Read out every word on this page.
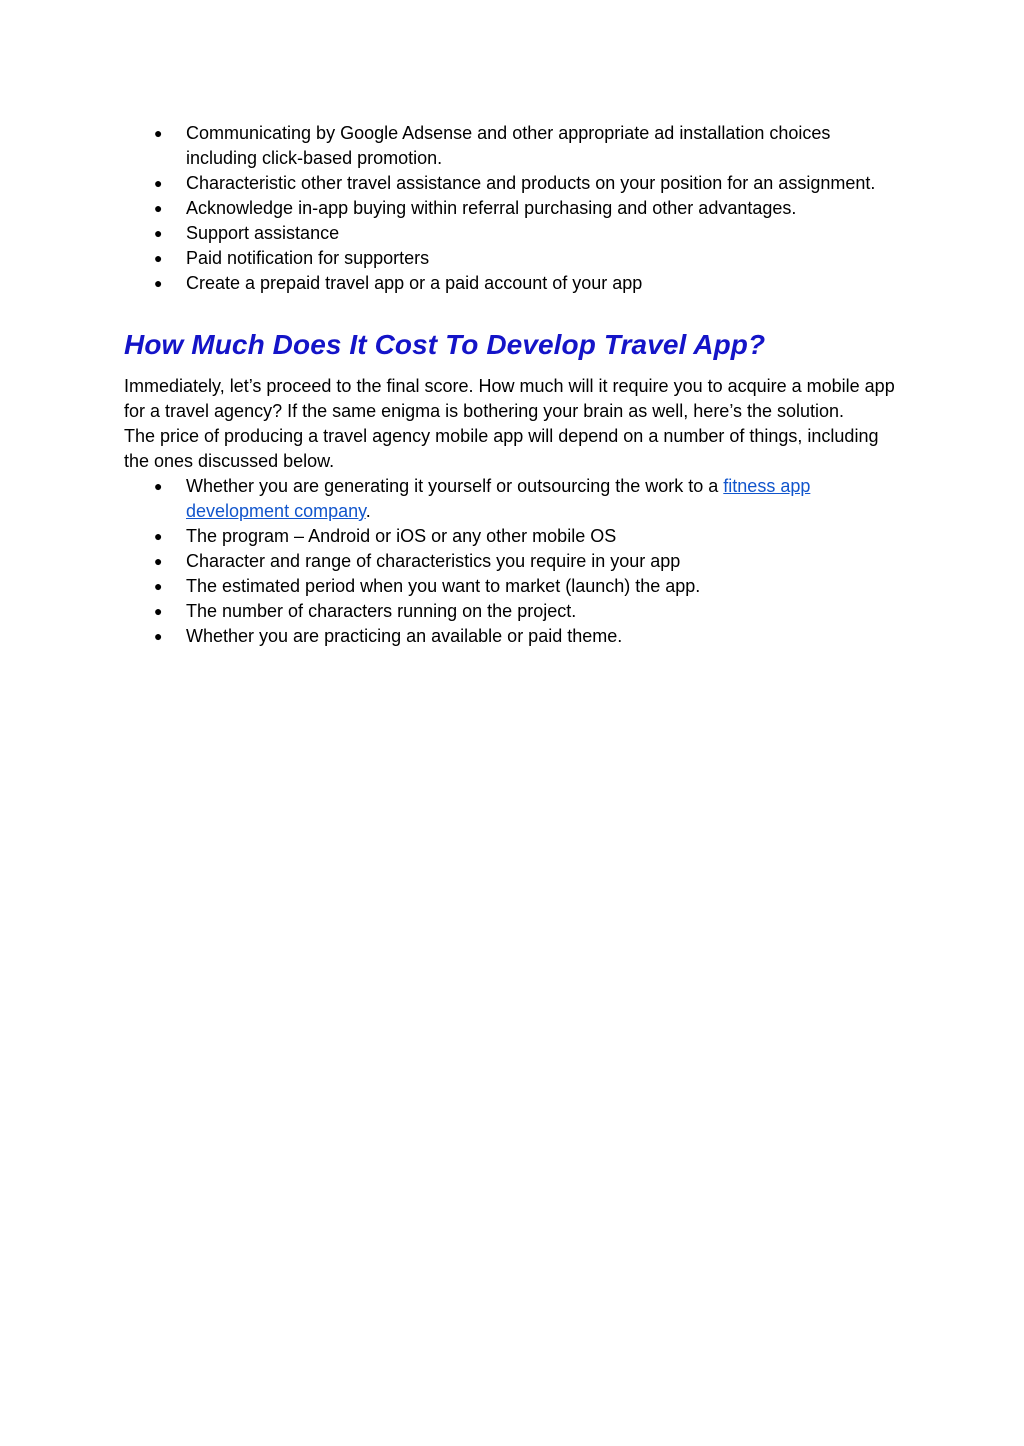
● Communicating by Google Adsense and other appropriate ad installation choices including click-based promotion.
● Characteristic other travel assistance and products on your position for an assignment.
● Acknowledge in-app buying within referral purchasing and other advantages.
● Support assistance
● Paid notification for supporters
● Create a prepaid travel app or a paid account of your app
How Much Does It Cost To Develop Travel App?

Immediately, let’s proceed to the final score. How much will it require you to acquire a mobile app for a travel agency? If the same enigma is bothering your brain as well, here’s the solution.

The price of producing a travel agency mobile app will depend on a number of things, including the ones discussed below.

● Whether you are generating it yourself or outsourcing the work to a fitness app development company.
● The program – Android or iOS or any other mobile OS
● Character and range of characteristics you require in your app
● The estimated period when you want to market (launch) the app.
● The number of characters running on the project.
● Whether you are practicing an available or paid theme.
